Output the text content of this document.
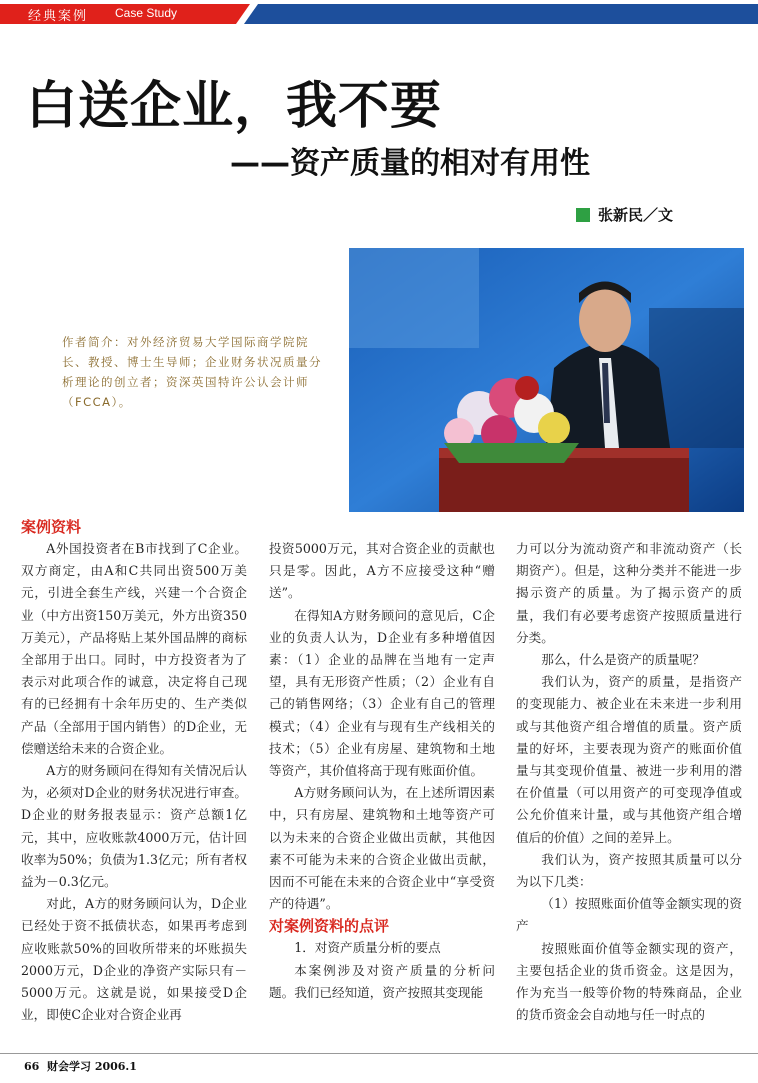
经典案例 Case Study
白送企业，我不要
——资产质量的相对有用性
张新民／文
作者简介：对外经济贸易大学国际商学院院长、教授、博士生导师；企业财务状况质量分析理论的创立者；资深英国特许公认会计师（FCCA）。

案例资料

A外国投资者在B市找到了C企业。双方商定，由A和C共同出资500万美元，引进全套生产线，兴建一个合资企业（中方出资150万美元，外方出资350万美元），产品将贴上某外国品牌的商标全部用于出口。同时，中方投资者为了表示对此项合作的诚意，决定将自己现有的已经拥有十余年历史的、生产类似产品（全部用于国内销售）的D企业，无偿赠送给未来的合资企业。

A方的财务顾问在得知有关情况后认为，必须对D企业的财务状况进行审查。D企业的财务报表显示：资产总额1亿元，其中，应收账款4000万元，估计回收率为50%；负债为1.3亿元；所有者权益为－0.3亿元。

对此，A方的财务顾问认为，D企业已经处于资不抵债状态，如果再考虑到应收账款50%的回收所带来的坏账损失2000万元，D企业的净资产实际只有－5000万元。这就是说，如果接受D企业，即使C企业对合资企业再

投资5000万元，其对合资企业的贡献也只是零。因此，A方不应接受这种“赠送”。

在得知A方财务顾问的意见后，C企业的负责人认为，D企业有多种增值因素：（1）企业的品牌在当地有一定声望，具有无形资产性质；（2）企业有自己的销售网络；（3）企业有自己的管理模式；（4）企业有与现有生产线相关的技术；（5）企业有房屋、建筑物和土地等资产，其价值将高于现有账面价值。

A方财务顾问认为，在上述所谓因素中，只有房屋、建筑物和土地等资产可以为未来的合资企业做出贡献，其他因素不可能为未来的合资企业做出贡献，因而不可能在未来的合资企业中“享受资产的待遇”。

对案例资料的点评

1．对资产质量分析的要点

本案例涉及对资产质量的分析问题。我们已经知道，资产按照其变现能

力可以分为流动资产和非流动资产（长期资产）。但是，这种分类并不能进一步揭示资产的质量。为了揭示资产的质量，我们有必要考虑资产按照质量进行分类。

那么，什么是资产的质量呢？

我们认为，资产的质量，是指资产的变现能力、被企业在未来进一步利用或与其他资产组合增值的质量。资产质量的好坏，主要表现为资产的账面价值量与其变现价值量、被进一步利用的潜在价值量（可以用资产的可变现净值或公允价值来计量，或与其他资产组合增值后的价值）之间的差异上。

我们认为，资产按照其质量可以分为以下几类：

（1）按照账面价值等金额实现的资产

按照账面价值等金额实现的资产，主要包括企业的货币资金。这是因为，作为充当一般等价物的特殊商品，企业的货币资金会自动地与任一时点的

66 财会学习 2006.1
